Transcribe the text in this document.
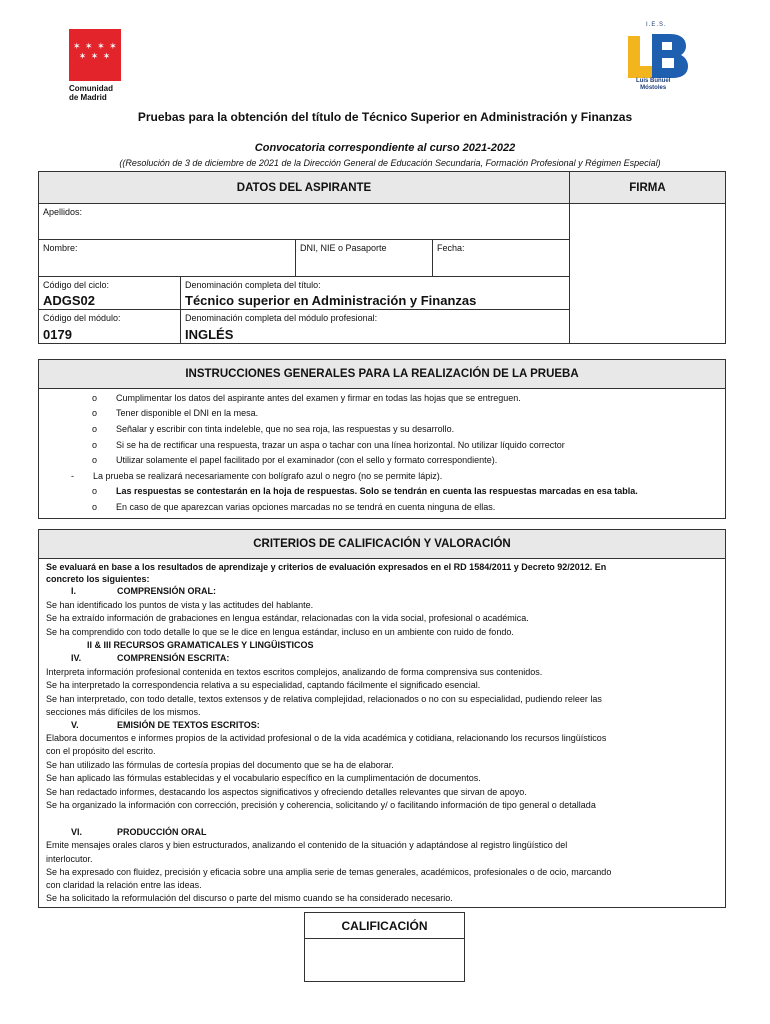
✶ ✶ ✶ ✶
✶ ✶ ✶
Comunidad
de Madrid
I.E.S.
Luis Buñuel
Móstoles
Pruebas para la obtención del título de Técnico Superior en Administración y Finanzas
Convocatoria correspondiente al curso 2021-2022
((Resolución de 3 de diciembre de 2021 de la Dirección General de Educación Secundaria, Formación Profesional y Régimen Especial)
DATOS DEL ASPIRANTE	FIRMA
Apellidos:
Nombre:	DNI, NIE o Pasaporte	Fecha:
Código del ciclo:
ADGS02
Denominación completa del título:
Técnico superior en Administración y Finanzas
Código del módulo:
0179
Denominación completa del módulo profesional:
INGLÉS
INSTRUCCIONES GENERALES PARA LA REALIZACIÓN DE LA PRUEBA
o Cumplimentar los datos del aspirante antes del examen y firmar en todas las hojas que se entreguen.
o Tener disponible el DNI en la mesa.
o Señalar y escribir con tinta indeleble, que no sea roja, las respuestas y su desarrollo.
o Si se ha de rectificar una respuesta, trazar un aspa o tachar con una línea horizontal. No utilizar líquido corrector
o Utilizar solamente el papel facilitado por el examinador (con el sello y formato correspondiente).
- La prueba se realizará necesariamente con bolígrafo azul o negro (no se permite lápiz).
o Las respuestas se contestarán en la hoja de respuestas. Solo se tendrán en cuenta las respuestas marcadas en esa tabla.
o En caso de que aparezcan varias opciones marcadas no se tendrá en cuenta ninguna de ellas.
CRITERIOS DE CALIFICACIÓN Y VALORACIÓN
Se evaluará en base a los resultados de aprendizaje y criterios de evaluación expresados en el RD 1584/2011 y Decreto 92/2012. En
concreto los siguientes:
I.	COMPRENSIÓN ORAL:
Se han identificado los puntos de vista y las actitudes del hablante.
Se ha extraído información de grabaciones en lengua estándar, relacionadas con la vida social, profesional o académica.
Se ha comprendido con todo detalle lo que se le dice en lengua estándar, incluso en un ambiente con ruido de fondo.
II & III RECURSOS GRAMATICALES Y LINGÜISTICOS
IV.	COMPRENSIÓN ESCRITA:
Interpreta información profesional contenida en textos escritos complejos, analizando de forma comprensiva sus contenidos.
Se ha interpretado la correspondencia relativa a su especialidad, captando fácilmente el significado esencial.
Se han interpretado, con todo detalle, textos extensos y de relativa complejidad, relacionados o no con su especialidad, pudiendo releer las
secciones más difíciles de los mismos.
V.	EMISIÓN DE TEXTOS ESCRITOS:
Elabora documentos e informes propios de la actividad profesional o de la vida académica y cotidiana, relacionando los recursos lingüísticos
con el propósito del escrito.
Se han utilizado las fórmulas de cortesía propias del documento que se ha de elaborar.
Se han aplicado las fórmulas establecidas y el vocabulario específico en la cumplimentación de documentos.
Se han redactado informes, destacando los aspectos significativos y ofreciendo detalles relevantes que sirvan de apoyo.
Se ha organizado la información con corrección, precisión y coherencia, solicitando y/ o facilitando información de tipo general o detallada
VI.	PRODUCCIÓN ORAL
Emite mensajes orales claros y bien estructurados, analizando el contenido de la situación y adaptándose al registro lingüístico del
interlocutor.
Se ha expresado con fluidez, precisión y eficacia sobre una amplia serie de temas generales, académicos, profesionales o de ocio, marcando
con claridad la relación entre las ideas.
Se ha solicitado la reformulación del discurso o parte del mismo cuando se ha considerado necesario.
CALIFICACIÓN
